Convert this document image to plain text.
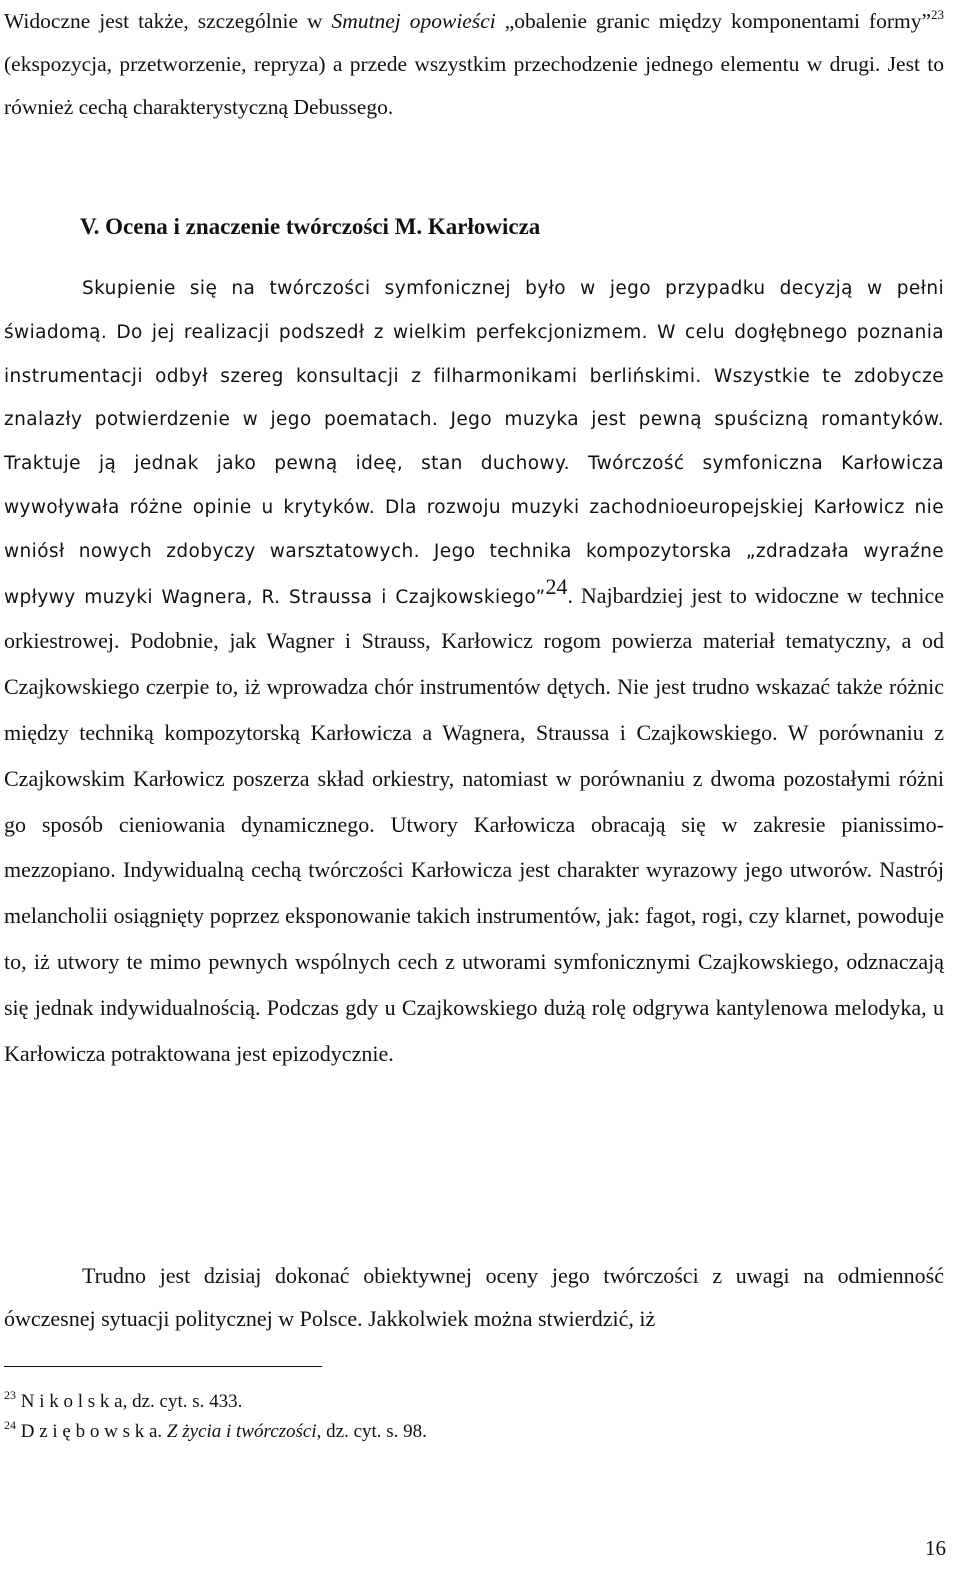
Widoczne jest także, szczególnie w Smutnej opowieści „obalenie granic między komponentami formy”$^{23}$ (ekspozycja, przetworzenie, repryza) a przede wszystkim przechodzenie jednego elementu w drugi. Jest to również cechą charakterystyczną Debussego.

V. Ocena i znaczenie twórczości M. Karłowicza

Skupienie się na twórczości symfonicznej było w jego przypadku decyzją w pełni świadomą. Do jej realizacji podszedł z wielkim perfekcjonizmem. W celu dogłębnego poznania instrumentacji odbył szereg konsultacji z filharmonikami berlińskimi. Wszystkie te zdobycze znalazły potwierdzenie w jego poematach. Jego muzyka jest pewną spuścizną romantyków. Traktuje ją jednak jako pewną ideę, stan duchowy. Twórczość symfoniczna Karłowicza wywoływała różne opinie u krytyków. Dla rozwoju muzyki zachodnioeuropejskiej Karłowicz nie wniósł nowych zdobyczy warsztatowych. Jego technika kompozytorska „zdradzała wyraźne wpływy muzyki Wagnera, R. Straussa i Czajkowskiego”$^{24}$. Najbardziej jest to widoczne w technice orkiestrowej. Podobnie, jak Wagner i Strauss, Karłowicz rogom powierza materiał tematyczny, a od Czajkowskiego czerpie to, iż wprowadza chór instrumentów dętych. Nie jest trudno wskazać także różnic między techniką kompozytorską Karłowicza a Wagnera, Straussa i Czajkowskiego. W porównaniu z Czajkowskim Karłowicz poszerza skład orkiestry, natomiast w porównaniu z dwoma pozostałymi różni go sposób cieniowania dynamicznego. Utwory Karłowicza obracają się w zakresie pianissimo-mezzopiano. Indywidualną cechą twórczości Karłowicza jest charakter wyrazowy jego utworów. Nastrój melancholii osiągnięty poprzez eksponowanie takich instrumentów, jak: fagot, rogi, czy klarnet, powoduje to, iż utwory te mimo pewnych wspólnych cech z utworami symfonicznymi Czajkowskiego, odznaczają się jednak indywidualnością. Podczas gdy u Czajkowskiego dużą rolę odgrywa kantylenowa melodyka, u Karłowicza potraktowana jest epizodycznie.

Trudno jest dzisiaj dokonać obiektywnej oceny jego twórczości z uwagi na odmienność ówczesnej sytuacji politycznej w Polsce. Jakkolwiek można stwierdzić, iż

$^{23}$ N i k o l s k a, dz. cyt. s. 433.

$^{24}$ D z i ę b o w s k a. Z życia i twórczości, dz. cyt. s. 98.

16
